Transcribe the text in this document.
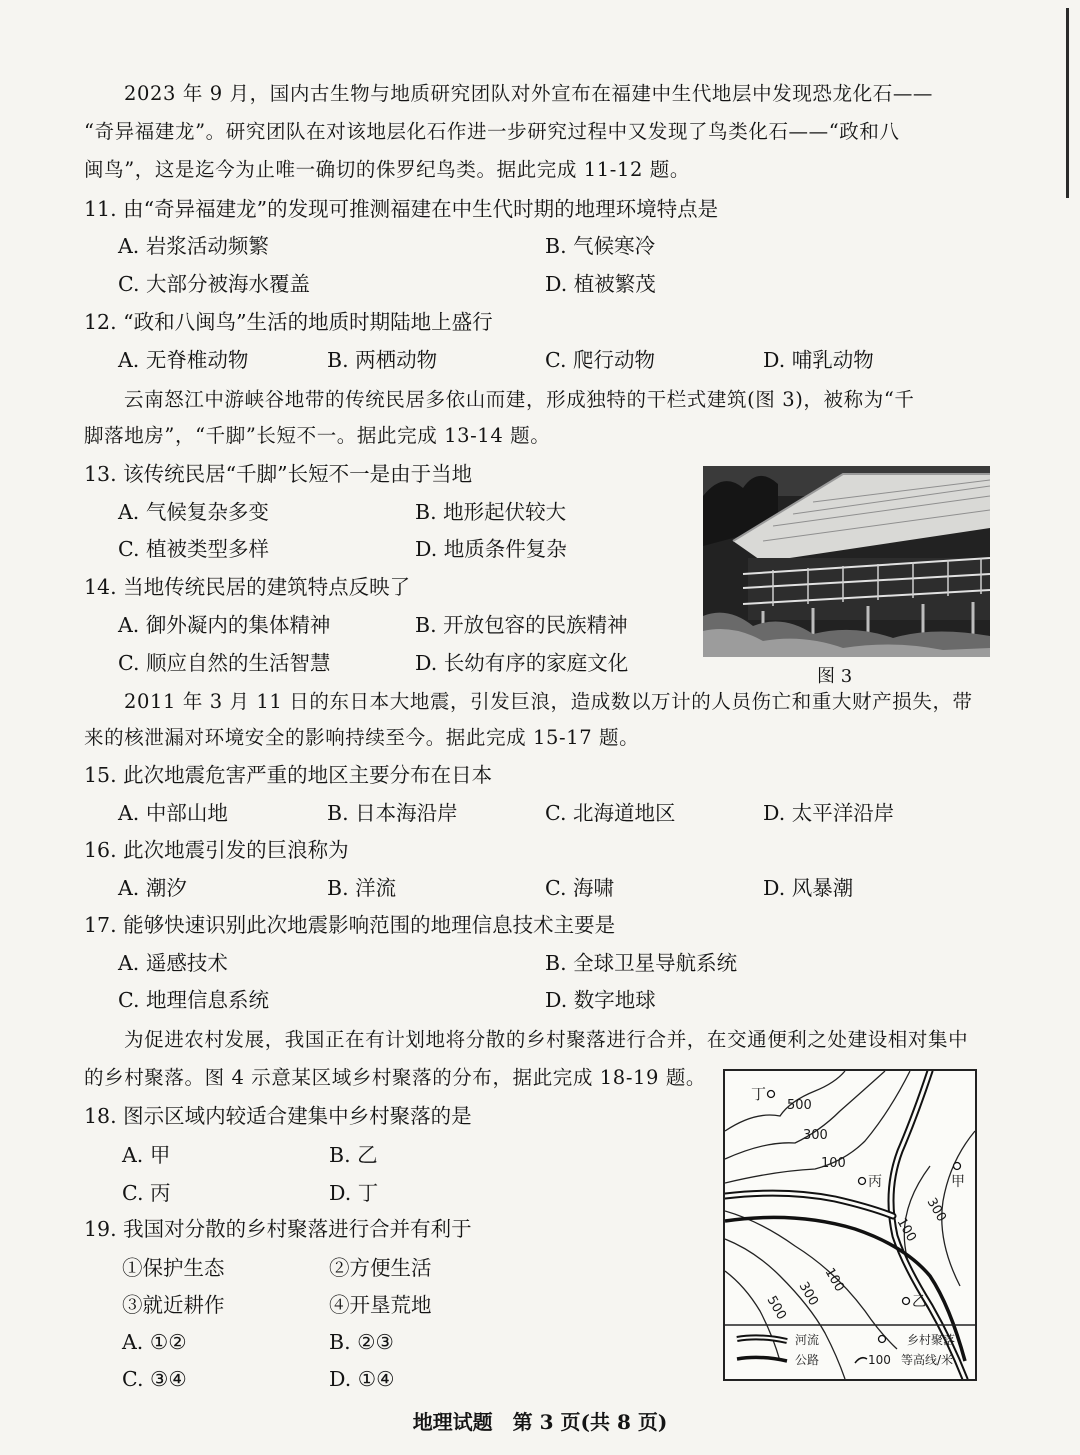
2023 年 9 月，国内古生物与地质研究团队对外宣布在福建中生代地层中发现恐龙化石——
“奇异福建龙”。研究团队在对该地层化石作进一步研究过程中又发现了鸟类化石——“政和八
闽鸟”，这是迄今为止唯一确切的侏罗纪鸟类。据此完成 11-12 题。
11. 由“奇异福建龙”的发现可推测福建在中生代时期的地理环境特点是
A. 岩浆活动频繁	B. 气候寒冷
C. 大部分被海水覆盖	D. 植被繁茂
12. “政和八闽鸟”生活的地质时期陆地上盛行
A. 无脊椎动物	B. 两栖动物	C. 爬行动物	D. 哺乳动物
云南怒江中游峡谷地带的传统民居多依山而建，形成独特的干栏式建筑(图 3)，被称为“千
脚落地房”，“千脚”长短不一。据此完成 13-14 题。
13. 该传统民居“千脚”长短不一是由于当地
A. 气候复杂多变	B. 地形起伏较大
C. 植被类型多样	D. 地质条件复杂
14. 当地传统民居的建筑特点反映了
A. 御外凝内的集体精神	B. 开放包容的民族精神
C. 顺应自然的生活智慧	D. 长幼有序的家庭文化
图 3
2011 年 3 月 11 日的东日本大地震，引发巨浪，造成数以万计的人员伤亡和重大财产损失，带
来的核泄漏对环境安全的影响持续至今。据此完成 15-17 题。
15. 此次地震危害严重的地区主要分布在日本
A. 中部山地	B. 日本海沿岸	C. 北海道地区	D. 太平洋沿岸
16. 此次地震引发的巨浪称为
A. 潮汐	B. 洋流	C. 海啸	D. 风暴潮
17. 能够快速识别此次地震影响范围的地理信息技术主要是
A. 遥感技术	B. 全球卫星导航系统
C. 地理信息系统	D. 数字地球
为促进农村发展，我国正在有计划地将分散的乡村聚落进行合并，在交通便利之处建设相对集中
的乡村聚落。图 4 示意某区域乡村聚落的分布，据此完成 18-19 题。
18. 图示区域内较适合建集中乡村聚落的是
A. 甲	B. 乙
C. 丙	D. 丁
19. 我国对分散的乡村聚落进行合并有利于
①保护生态	②方便生活
③就近耕作	④开垦荒地
A. ①②	B. ②③
C. ③④	D. ①④
500
300
100
300
100
100
300
500
丁
甲
丙
乙
河流
公路
乡村聚落
100 等高线/米
地理试题　第 3 页(共 8 页)
